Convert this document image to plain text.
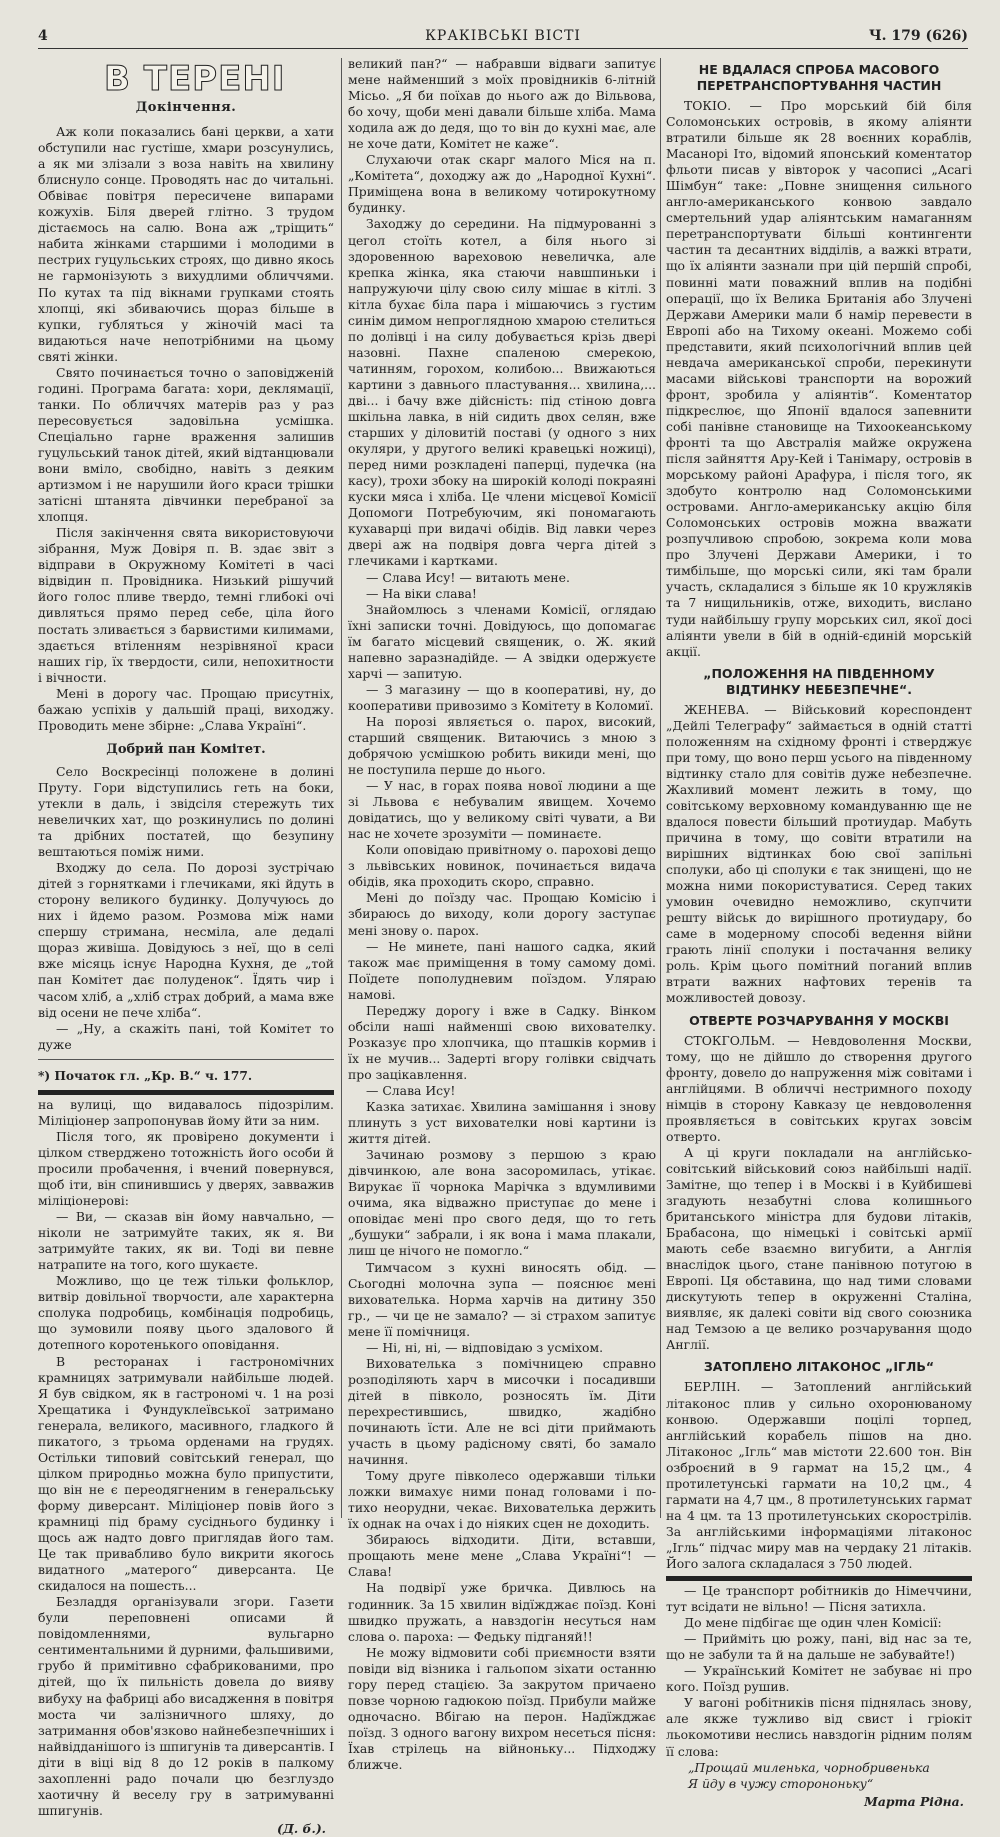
4	КРАКІВСЬКІ ВІСТІ	Ч. 179 (626)
В ТЕРЕНІ
Докінчення.

Аж коли показались бані церкви, а хати обступили нас густіше, хмари розсунулись, а як ми злізали з воза навіть на хвилину блиснуло сонце. Проводять нас до читальні. Обвіває повітря пересичене випарами кожухів. Біля дверей глітно. З трудом дістаємось на салю. Вона аж „тріщить“ набита жінками старшими і молодими в пестрих гуцульських строях, що дивно якось не гармонізують з вихудлими обличчями. По кутах та під вікнами групками стоять хлопці, які збиваючись щораз більше в купки, губляться у жіночій масі та видаються наче непотрібними на цьому святі жінки.

Свято починається точно о заповідженій годині. Програма багата: хори, деклямації, танки. По обличчях матерів раз у раз пересовується задовільна усмішка. Спеціально гарне враження залишив гуцульський танок дітей, який відтанцювали вони вміло, свобідно, навіть з деяким артизмом і не нарушили його краси трішки затісні штанята дівчинки перебраної за хлопця.

Після закінчення свята використовуючи зібрання, Муж Довіря п. В. здає звіт з відправи в Окружному Комітеті в часі відвідин п. Провідника. Низький рішучий його голос пливе твердо, темні глибокі очі дивляться прямо перед себе, ціла його постать зливається з барвистими килимами, здається втіленням незрівняної краси наших гір, їх твердости, сили, непохитности і вічности.

Мені в дорогу час. Прощаю присутніх, бажаю успіхів у дальшій праці, виходжу. Проводить мене збірне: „Слава Україні“.

Добрий пан Комітет.

Село Воскресінці положене в долині Пруту. Гори відступились геть на боки, утекли в даль, і звідсіля стережуть тих невеличких хат, що розкинулись по долині та дрібних постатей, що безупину вештаються поміж ними.

Входжу до села. По дорозі зустрічаю дітей з горнятками і глечиками, які йдуть в сторону великого будинку. Долучуюсь до них і йдемо разом. Розмова між нами спершу стримана, несміла, але дедалі щораз живіша. Довідуюсь з неї, що в селі вже місяць існує Народна Кухня, де „той пан Комітет дає полуденок“. Їдять чир і часом хліб, а „хліб страх добрий, а мама вже від осени не пече хліба“.

— „Ну, а скажіть пані, той Комітет то дуже

*) Початок гл. „Кр. В.“ ч. 177.

на вулиці, що видавалось підозрілим. Міліціонер запропонував йому йти за ним.

Після того, як провірено документи і цілком стверджено тотожність його особи й просили пробачення, і вчений повернувся, щоб іти, він спинившись у дверях, завважив міліціонерові:

— Ви, — сказав він йому навчально, — ніколи не затримуйте таких, як я. Ви затримуйте таких, як ви. Тоді ви певне натрапите на того, кого шукаєте.

Можливо, що це теж тільки фольклор, витвір довільної творчости, але характерна сполука подробиць, комбінація подробиць, що зумовили появу цього здалового й дотепного коротенького оповідання.

В ресторанах і гастрономічних крамницях затримували найбільше людей. Я був свідком, як в гастрономі ч. 1 на розі Хрещатика і Фундуклеївської затримано генерала, великого, масивного, гладкого й пикатого, з трьома орденами на грудях. Остільки типовий совітський генерал, що цілком природньо можна було припустити, що він не є переодягненим в генеральську форму диверсант. Міліціонер повів його з крамниці під браму сусіднього будинку і щось аж надто довго приглядав його там. Це так привабливо було викрити якогось видатного „матерого“ диверсанта. Це скидалося на пошесть...

Безладдя організували згори. Газети були переповнені описами й повідомленнями, вульгарно сентиментальними й дурними, фальшивими, грубо й примітивно сфабрикованими, про дітей, що їх пильність довела до вияву вибуху на фабриці або висадження в повітря моста чи залізничного шляху, до затримання обов'язково найнебезпечніших і найвідданішого із шпигунів та диверсантів. І діти в віці від 8 до 12 років в палкому захопленні радо почали цю безглуздо хаотичну й веселу гру в затримуванні шпигунів.

(Д. б.).

великий пан?“ — набравши відваги запитує мене найменший з моїх провідників 6-літній Місьо. „Я би поїхав до нього аж до Вільвова, бо хочу, щоби мені давали більше хліба. Мама ходила аж до дедя, що то він до кухні має, але не хоче дати, Комітет не каже“.

Слухаючи отак скарг малого Міся на п. „Комітета“, доходжу аж до „Народної Кухні“. Приміщена вона в великому чотирокутному будинку.

Заходжу до середини. На підмурованні з цегол стоїть котел, а біля нього зі здоровенною вареховою невеличка, але крепка жінка, яка стаючи навшпиньки і напружуючи цілу свою силу мішає в кітлі. З кітла бухає біла пара і мішаючись з густим синім димом непроглядною хмарою стелиться по долівці і на силу добувається крізь двері назовні. Пахне спаленою смерекою, чатинням, горохом, колибою... Ввижаються картини з давнього пластування... хвилина,... двi... і бачу вже дійсність: під стіною довга шкільна лавка, в ній сидить двох селян, вже старших у діловитій поставі (у одного з них окуляри, у другого великі кравецькі ножиці), перед ними розкладені паперці, пудечка (на касу), трохи збоку на широкій колоді покраяні куски мяса і хліба. Це члени місцевої Комісії Допомоги Потребуючим, які пономагають кухаварці при видачі обідів. Від лавки через двері аж на подвіря довга черга дітей з глечиками і картками.

— Слава Ису! — витають мене.

— На віки слава!

Знайомлюсь з членами Комісії, оглядаю їхні записки точні. Довідуюсь, що допомагає їм багато місцевий священик, о. Ж. який напевно заразнадійде. — А звідки одержуєте харчі — запитую.

— З магазину — що в кооперативі, ну, до кооперативи привозимо з Комітету в Коломиї.

На порозі являється о. парох, високий, старший священик. Витаючись з мною з добрячою усмішкою робить викиди мені, що не поступила перше до нього.

— У нас, в горах поява нової людини а ще зі Львова є небувалим явищем. Хочемо довідатись, що у великому світі чувати, а Ви нас не хочете зрозуміти — поминаєте.

Коли оповідаю привітному о. парохові дещо з львівських новинок, починається видача обідів, яка проходить скоро, справно.

Мені до поїзду час. Прощаю Комісію і збираюсь до виходу, коли дорогу заступає мені знову о. парох.

— Не минете, пані нашого садка, який також має приміщення в тому самому домі. Поїдете пополудневим поїздом. Уляраю намові.

Переджу дорогу і вже в Садку. Вінком обсіли наші найменші свою вихователку. Розказує про хлопчика, що пташків кормив і їх не мучив... Задерті вгору голівки свідчать про зацікавлення.

— Слава Ису!

Казка затихає. Хвилина замішання і знову плинуть з уст вихователки нові картини із життя дітей.

Зачинаю розмову з першою з краю дівчинкою, але вона засоромилась, утікає. Вирукає її чорнока Марічка з вдумливими очима, яка відважно приступає до мене і оповідає мені про свого дедя, що то геть „бушуки“ забрали, і як вона і мама плакали, лиш це нічого не помогло.“

Тимчасом з кухні виносять обід. — Сьогодні молочна зупа — пояснює мені вихователька. Норма харчів на дитину 350 гр., — чи це не замало? — зі страхом запитує мене її помічниця.

— Ні, ні, ні, — відповідаю з усміхом.

Вихователька з помічницею справно розподіляють харч в мисочки і посадивши дітей в півколо, розносять їм. Діти перехрестившись, швидко, жадібно починають їсти. Але не всі діти приймають участь в цьому радісному святі, бо замало начиння.

Тому друге півколесо одержавши тільки ложки вимахує ними понад головами і по-тихо неорудни, чекає. Вихователька держить їх однак на очах і до ніяких сцен не доходить.

Збираюсь відходити. Діти, вставши, прощають мене мене „Слава Україні“! — Слава!

На подвірї уже бричка. Дивлюсь на годинник. За 15 хвилин відїжджає поїзд. Коні швидко пружать, а навздогін несуться нам слова о. пароха: — Федьку підганяй!!

Не можу відмовити собі приємности взяти повіди від візника і гальопом зіхати останню гору перед стацією. За закрутом причаено повзе чорною гадюкою поїзд. Прибули майже одночасно. Вбігаю на перон. Надїжджає поїзд. З одного вагону вихром несеться пісня: Їхав стрілець на війноньку... Підходжу ближче.

НЕ ВДАЛАСЯ СПРОБА МАСОВОГО ПЕРЕТРАНСПОРТУВАННЯ ЧАСТИН

ТОКІО. — Про морський бій біля Соломонських островів, в якому аліянти втратили більше як 28 воєнних кораблів, Масанорі Іто, відомий японський коментатор фльоти писав у вівторок у часописі „Асагі Шімбун“ таке: „Повне знищення сильного англо-американського конвою завдало смертельний удар аліянтським намаганням перетранспортувати більші контингенти частин та десантних відділів, а важкі втрати, що їх аліянти зазнали при цій першій спробі, повинні мати поважний вплив на подібні операції, що їх Велика Британія або Злучені Держави Америки мали б намір перевести в Европі або на Тихому океані. Можемо собі представити, який психологічний вплив цей невдача американської спроби, перекинути масами військові транспорти на ворожий фронт, зробила у аліянтів“. Коментатор підкреслює, що Японії вдалося запевнити собі панівне становище на Тихоокеанському фронті та що Австралія майже окружена після зайняття Ару-Кей і Танімару, островів в морському районі Арафура, і після того, як здобуто контролю над Соломонськими островами. Англо-американську акцію біля Соломонських островів можна вважати розпучливою спробою, зокрема коли мова про Злучені Держави Америки, і то тимбільше, що морські сили, які там брали участь, складалися з більше як 10 кружляків та 7 нищильників, отже, виходить, вислано туди найбільшу групу морських сил, якої досі аліянти увели в бій в одній-єдиній морській акції.

„ПОЛОЖЕННЯ НА ПІВДЕННОМУ ВІДТИНКУ НЕБЕЗПЕЧНЕ“.

ЖЕНЕВА. — Військовий кореспондент „Дейлі Телеграфу“ займається в одній статті положенням на східному фронті і стверджує при тому, що воно перш усього на південному відтинку стало для совітів дуже небезпечне. Жахливий момент лежить в тому, що совітському верховному командуванню ще не вдалося повести більший протиудар. Мабуть причина в тому, що совіти втратили на вирішних відтинках бою свої запільні сполуки, або ці сполуки є так знищені, що не можна ними покористуватися. Серед таких умовин очевидно неможливо, скупчити решту військ до вирішного протиудару, бо саме в модерному способі ведення війни грають лінії сполуки і постачання велику роль. Крім цього помітний поганий вплив втрати важних нафтових теренів та можливостей довозу.

ОТВЕРТЕ РОЗЧАРУВАННЯ У МОСКВІ

СТОКГОЛЬМ. — Невдоволення Москви, тому, що не дійшло до створення другого фронту, довело до напруження між совітами і англійцями. В обличчі нестримного походу німців в сторону Кавказу це невдоволення проявляється в совітських кругах зовсім отверто.

А ці круги покладали на англійсько-совітський військовий союз найбільші надії. Замітне, що тепер і в Москві і в Куйбишеві згадують незабутні слова колишнього британського міністра для будови літаків, Брабасона, що німецькі і совітські армії мають себе взаємно вигубити, а Англія внаслідок цього, стане панівною потугою в Европі. Ця обставина, що над тими словами дискутують тепер в окруженні Сталіна, виявляє, як далекі совіти від свого союзника над Темзою а це велико розчарування щодо Англії.

ЗАТОПЛЕНО ЛІТАКОНОС „ІГЛЬ“

БЕРЛІН. — Затоплений англійський літаконос плив у сильно охоронюваному конвою. Одержавши поцілі торпед, англійський корабель пішов на дно. Літаконос „Ігль“ мав містоти 22.600 тон. Він озброєний в 9 гармат на 15,2 цм., 4 протилетунські гармати на 10,2 цм., 4 гармати на 4,7 цм., 8 протилетунських гармат на 4 цм. та 13 протилетунських скорострілів. За англійськими інформаціями літаконос „Ігль“ підчас миру мав на чердаку 21 літаків. Його залога складалася з 750 людей.

— Це транспорт робітників до Німеччини, тут всідати не вільно! — Пісня затихла.

До мене підбігає ще один член Комісії:

— Прийміть цю рожу, пані, від нас за те, що не забули та й на дальше не забувайте!)

— Український Комітет не забуває ні про кого. Поїзд рушив.

У вагоні робітників пісня піднялась знову, але якже тужливо від свист і гріокіт льокомотиви неслись навздогін рідним полям її слова:

„Прощай миленька, чорнобривенька

Я йду в чужу сторононьку“

Марта Рідна.
